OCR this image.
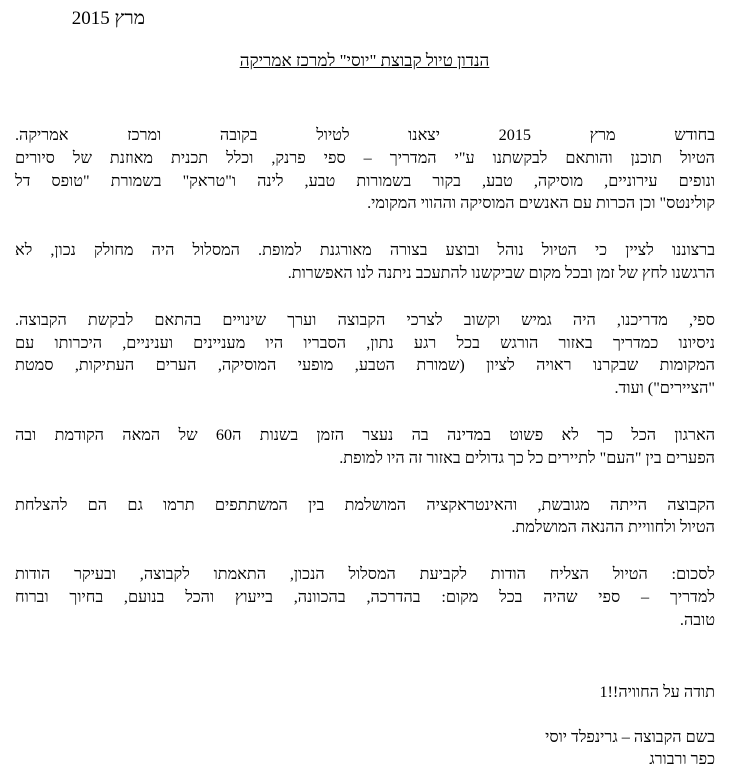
מרץ 2015
הנדון טיול קבוצת "יוסי" למרכז אמריקה

בחודש מרץ 2015 יצאנו לטיול בקובה ומרכז אמריקה.
הטיול תוכנן והותאם לבקשתנו ע"י המדריך – ספי פרנק, וכלל תכנית מאוזנת של סיורים
ונופים עירוניים, מוסיקה, טבע, בקור בשמורות טבע, לינה ו"טראק" בשמורת "טופס דל
קולינטס" וכן הכרות עם האנשים המוסיקה וההווי המקומי.

ברצוננו לציין כי הטיול נוהל ובוצע בצורה מאורגנת למופת. המסלול היה מחולק נכון, לא
הרגשנו לחץ של זמן ובכל מקום שביקשנו להתעכב ניתנה לנו האפשרות.

ספי, מדריכנו, היה גמיש וקשוב לצרכי הקבוצה וערך שינויים בהתאם לבקשת הקבוצה.
ניסיונו כמדריך באזור הורגש בכל רגע נתון, הסבריו היו מעניינים ועניניים, היכרותו עם
המקומות שבקרנו ראויה לציון (שמורת הטבע, מופעי המוסיקה, הערים העתיקות, סמטת
"הציירים") ועוד.

הארגון הכל כך לא פשוט במדינה בה נעצר הזמן בשנות ה60 של המאה הקודמת ובה
הפערים בין "העם" לתיירים כל כך גדולים באזור זה היו למופת.

הקבוצה הייתה מגובשת, והאינטראקציה המושלמת בין המשתתפים תרמו גם הם להצלחת
הטיול ולחוויית ההנאה המושלמת.

לסכום: הטיול הצליח הודות לקביעת המסלול הנכון, התאמתו לקבוצה, ובעיקר הודות
למדריך – ספי שהיה בכל מקום: בהדרכה, בהכוונה, בייעוץ והכל בנועם, בחיוך וברוח
טובה.

תודה על החוויה!!1
בשם הקבוצה – גרינפלד יוסי
כפר ורבורג
